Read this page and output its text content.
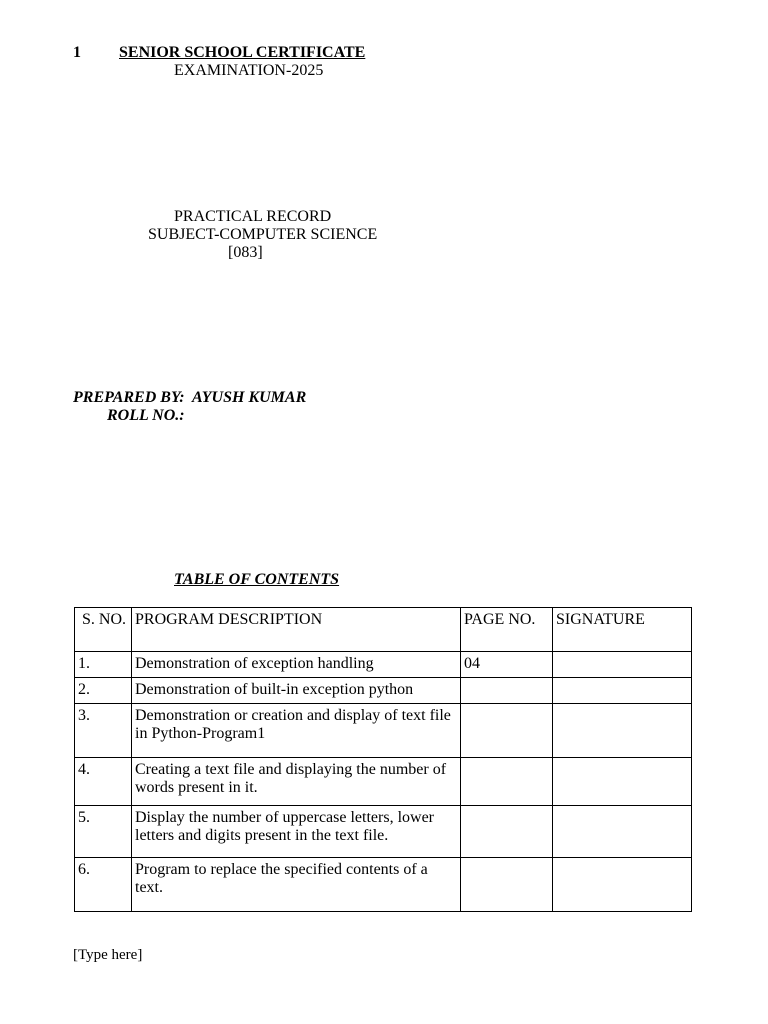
1 SENIOR SCHOOL CERTIFICATE
EXAMINATION-2025
PRACTICAL RECORD
SUBJECT-COMPUTER SCIENCE
[083]
PREPARED BY:  AYUSH KUMAR
ROLL NO.:
TABLE OF CONTENTS
S. NO.	PROGRAM DESCRIPTION	PAGE NO.	SIGNATURE
1.	Demonstration of exception handling	04	
2.	Demonstration of built-in exception python		
3.	Demonstration or creation and display of text file in Python-Program1		
4.	Creating a text file and displaying the number of words present in it.		
5.	Display the number of uppercase letters, lower letters and digits present in the text file.		
6.	Program to replace the specified contents of a text.		
[Type here]
